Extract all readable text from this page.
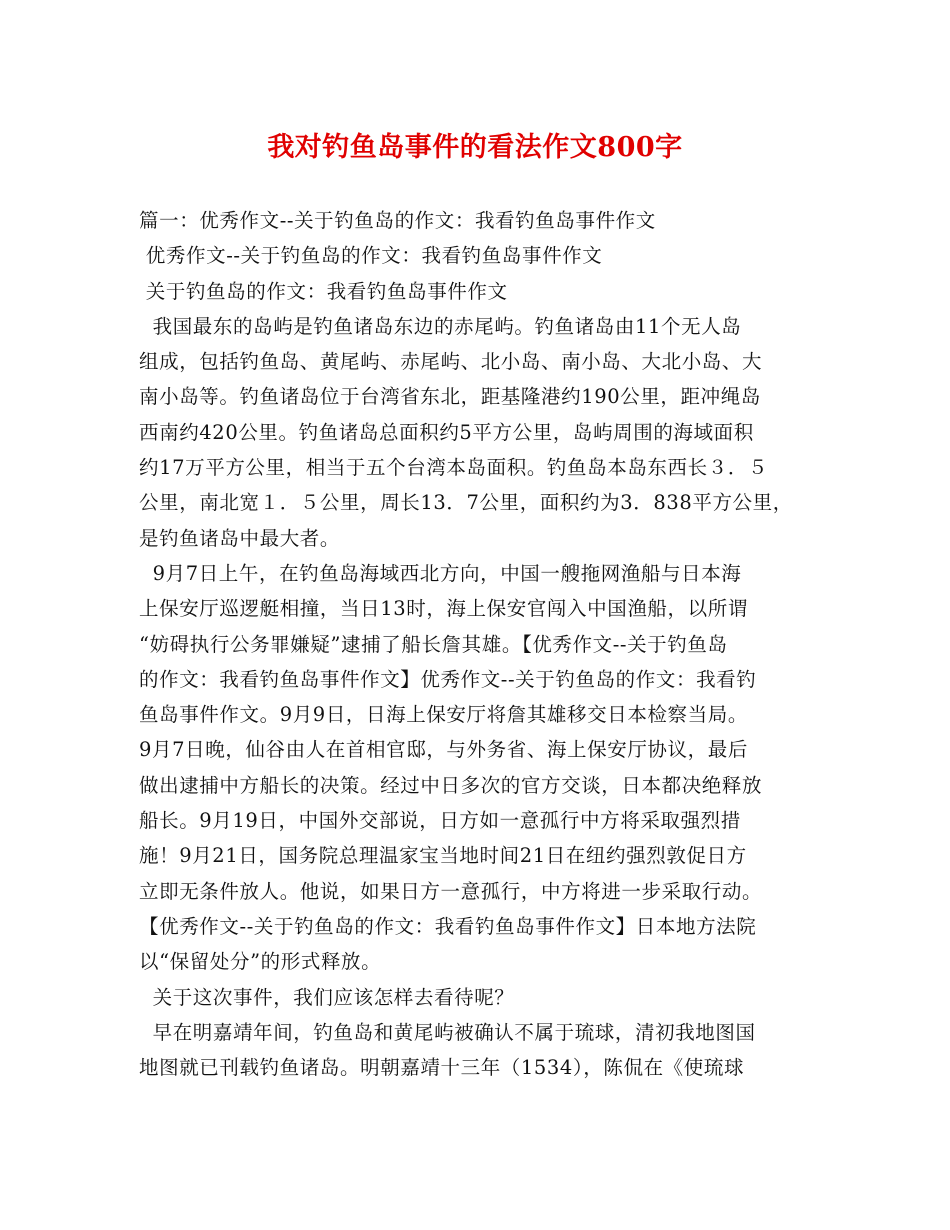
我对钓鱼岛事件的看法作文800字
篇一：优秀作文--关于钓鱼岛的作文：我看钓鱼岛事件作文
优秀作文--关于钓鱼岛的作文：我看钓鱼岛事件作文
关于钓鱼岛的作文：我看钓鱼岛事件作文
我国最东的岛屿是钓鱼诸岛东边的赤尾屿。钓鱼诸岛由11个无人岛
组成，包括钓鱼岛、黄尾屿、赤尾屿、北小岛、南小岛、大北小岛、大
南小岛等。钓鱼诸岛位于台湾省东北，距基隆港约190公里，距冲绳岛
西南约420公里。钓鱼诸岛总面积约5平方公里，岛屿周围的海域面积
约17万平方公里，相当于五个台湾本岛面积。钓鱼岛本岛东西长３．５
公里，南北宽１．５公里，周长13．7公里，面积约为3．838平方公里，
是钓鱼诸岛中最大者。
9月7日上午，在钓鱼岛海域西北方向，中国一艘拖网渔船与日本海
上保安厅巡逻艇相撞，当日13时，海上保安官闯入中国渔船，以所谓
“妨碍执行公务罪嫌疑”逮捕了船长詹其雄。【优秀作文--关于钓鱼岛
的作文：我看钓鱼岛事件作文】优秀作文--关于钓鱼岛的作文：我看钓
鱼岛事件作文。9月9日，日海上保安厅将詹其雄移交日本检察当局。
9月7日晚，仙谷由人在首相官邸，与外务省、海上保安厅协议，最后
做出逮捕中方船长的决策。经过中日多次的官方交谈，日本都决绝释放
船长。9月19日，中国外交部说，日方如一意孤行中方将采取强烈措
施！9月21日，国务院总理温家宝当地时间21日在纽约强烈敦促日方
立即无条件放人。他说，如果日方一意孤行，中方将进一步采取行动。
【优秀作文--关于钓鱼岛的作文：我看钓鱼岛事件作文】日本地方法院
以“保留处分”的形式释放。
关于这次事件，我们应该怎样去看待呢？
早在明嘉靖年间，钓鱼岛和黄尾屿被确认不属于琉球，清初我地图国
地图就已刊载钓鱼诸岛。明朝嘉靖十三年（1534），陈侃在《使琉球
